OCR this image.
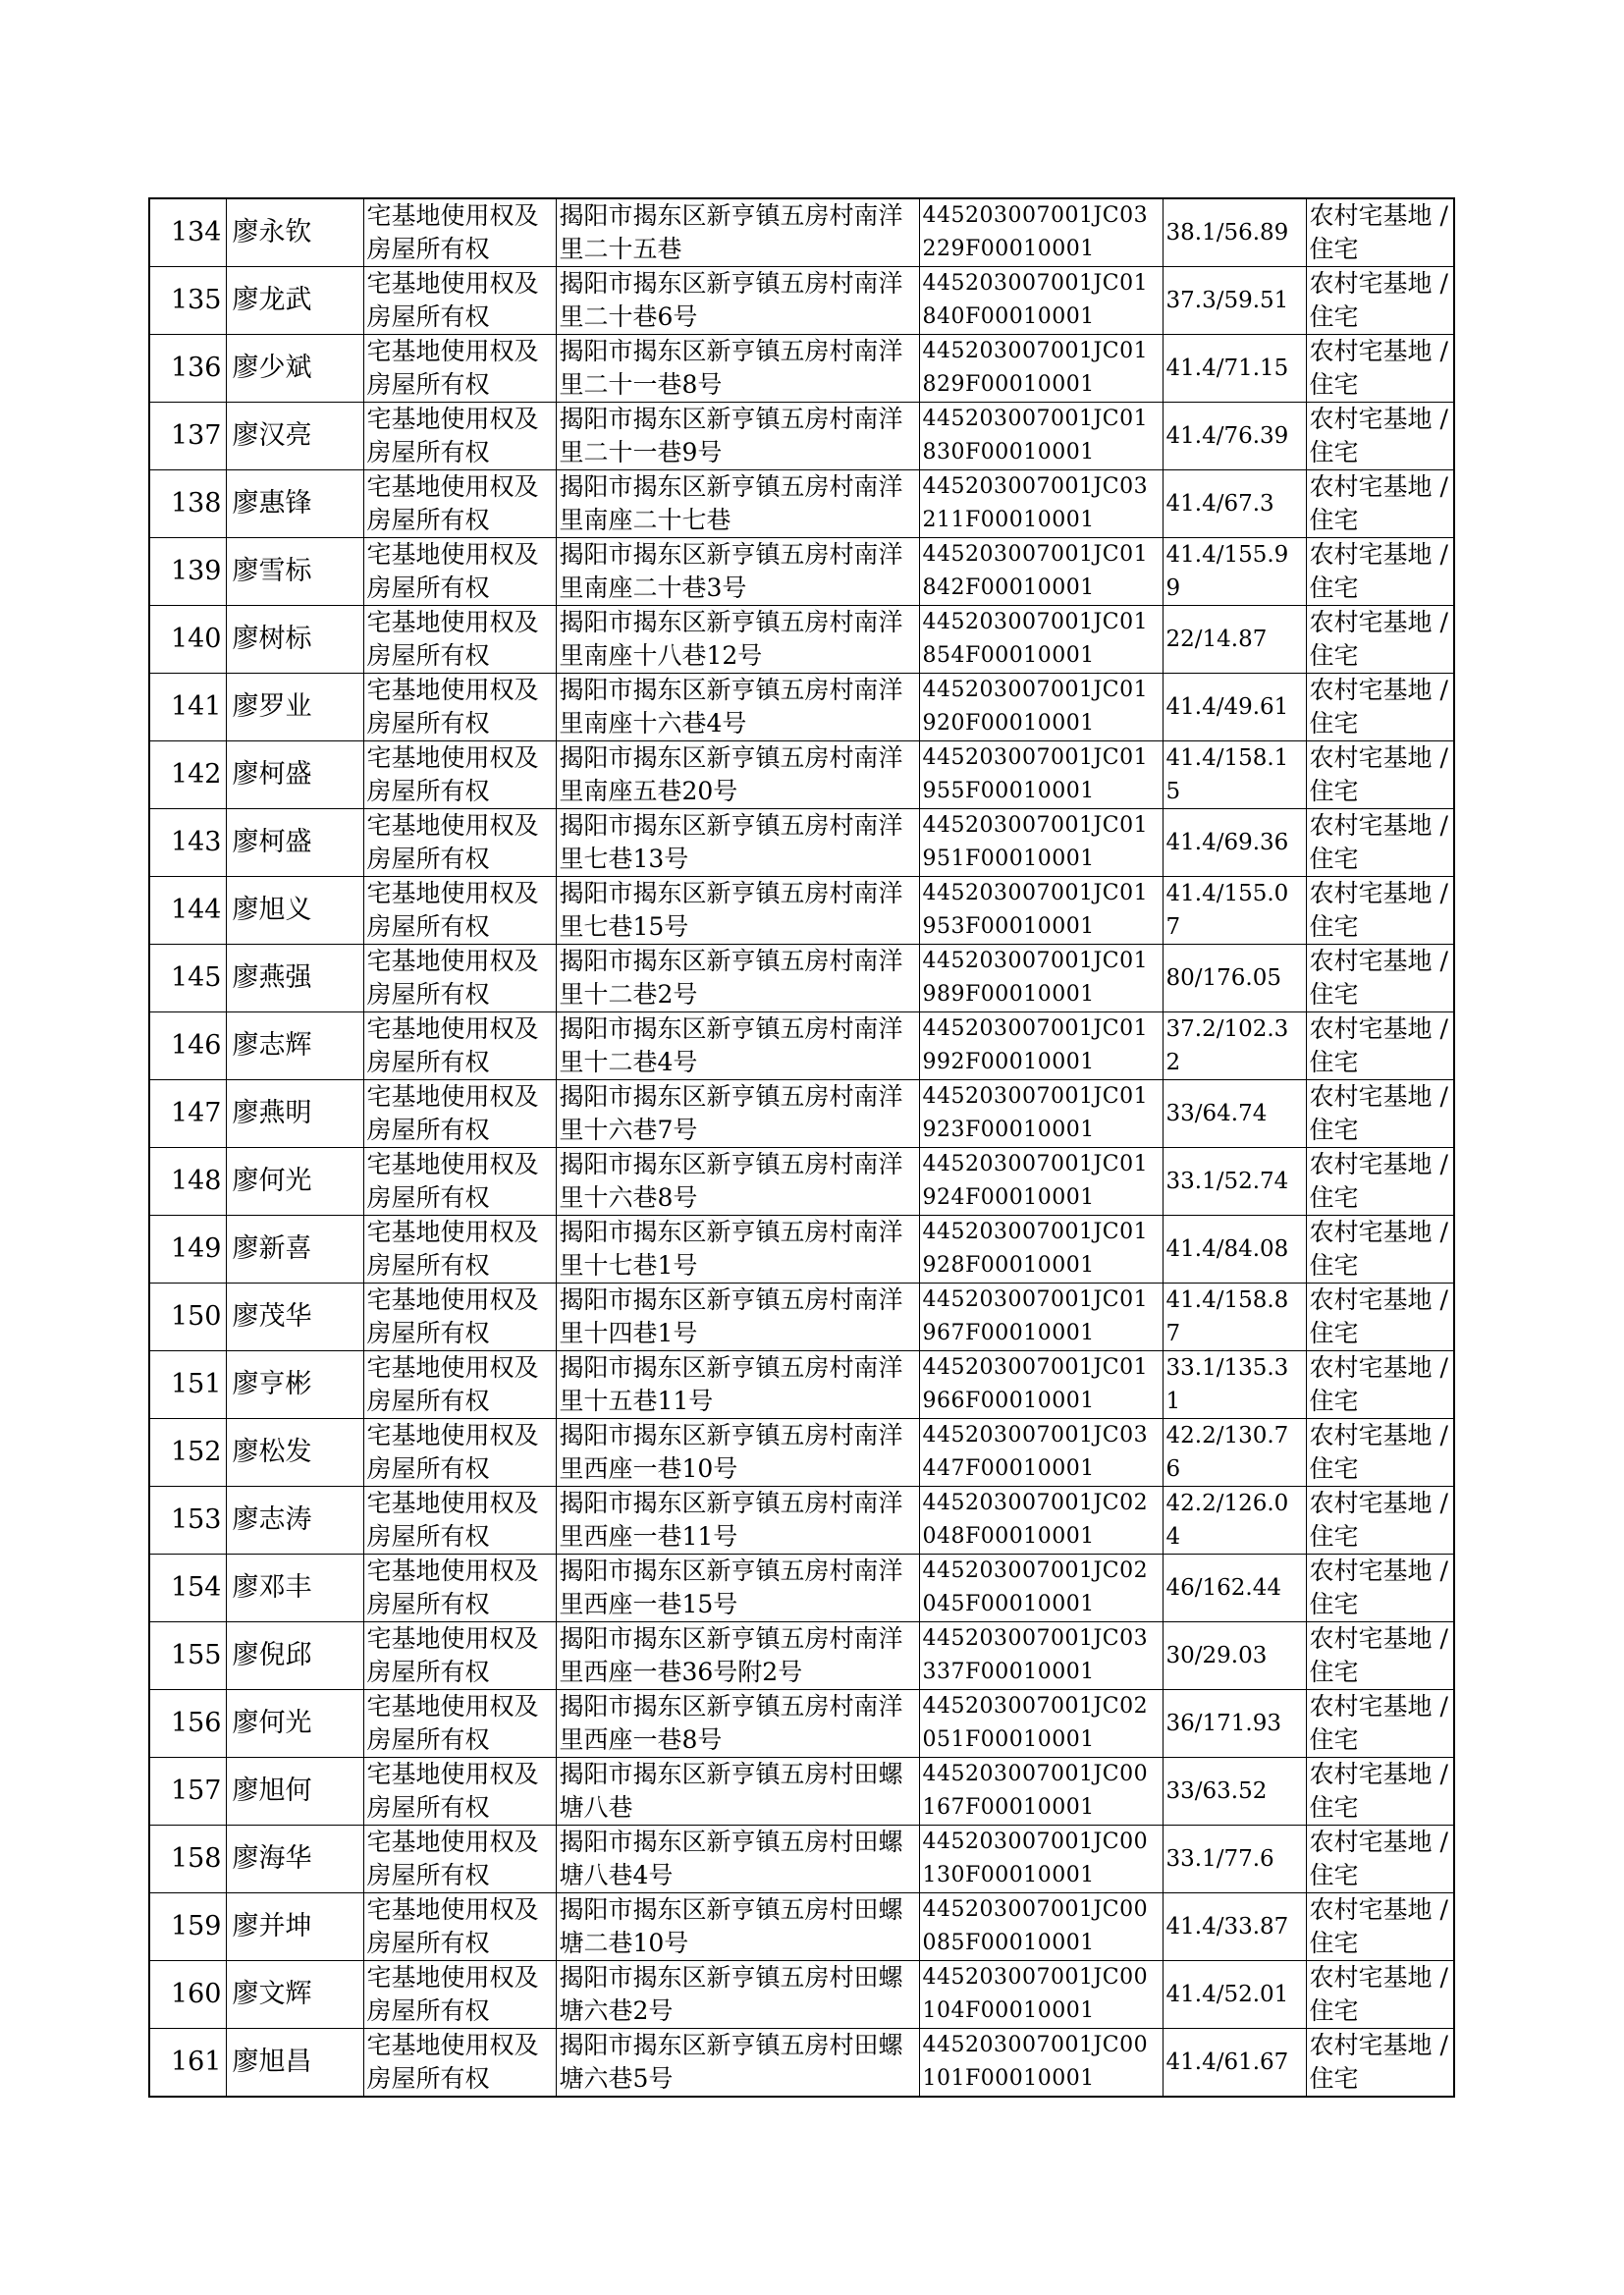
134	廖永钦	宅基地使用权及房屋所有权	揭阳市揭东区新亨镇五房村南洋里二十五巷	445203007001JC03229F00010001	38.1/56.89	农村宅基地 / 住宅
135	廖龙武	宅基地使用权及房屋所有权	揭阳市揭东区新亨镇五房村南洋里二十巷6号	445203007001JC01840F00010001	37.3/59.51	农村宅基地 / 住宅
136	廖少斌	宅基地使用权及房屋所有权	揭阳市揭东区新亨镇五房村南洋里二十一巷8号	445203007001JC01829F00010001	41.4/71.15	农村宅基地 / 住宅
137	廖汉亮	宅基地使用权及房屋所有权	揭阳市揭东区新亨镇五房村南洋里二十一巷9号	445203007001JC01830F00010001	41.4/76.39	农村宅基地 / 住宅
138	廖惠锋	宅基地使用权及房屋所有权	揭阳市揭东区新亨镇五房村南洋里南座二十七巷	445203007001JC03211F00010001	41.4/67.3	农村宅基地 / 住宅
139	廖雪标	宅基地使用权及房屋所有权	揭阳市揭东区新亨镇五房村南洋里南座二十巷3号	445203007001JC01842F00010001	41.4/155.99	农村宅基地 / 住宅
140	廖树标	宅基地使用权及房屋所有权	揭阳市揭东区新亨镇五房村南洋里南座十八巷12号	445203007001JC01854F00010001	22/14.87	农村宅基地 / 住宅
141	廖罗业	宅基地使用权及房屋所有权	揭阳市揭东区新亨镇五房村南洋里南座十六巷4号	445203007001JC01920F00010001	41.4/49.61	农村宅基地 / 住宅
142	廖柯盛	宅基地使用权及房屋所有权	揭阳市揭东区新亨镇五房村南洋里南座五巷20号	445203007001JC01955F00010001	41.4/158.15	农村宅基地 / 住宅
143	廖柯盛	宅基地使用权及房屋所有权	揭阳市揭东区新亨镇五房村南洋里七巷13号	445203007001JC01951F00010001	41.4/69.36	农村宅基地 / 住宅
144	廖旭义	宅基地使用权及房屋所有权	揭阳市揭东区新亨镇五房村南洋里七巷15号	445203007001JC01953F00010001	41.4/155.07	农村宅基地 / 住宅
145	廖燕强	宅基地使用权及房屋所有权	揭阳市揭东区新亨镇五房村南洋里十二巷2号	445203007001JC01989F00010001	80/176.05	农村宅基地 / 住宅
146	廖志辉	宅基地使用权及房屋所有权	揭阳市揭东区新亨镇五房村南洋里十二巷4号	445203007001JC01992F00010001	37.2/102.32	农村宅基地 / 住宅
147	廖燕明	宅基地使用权及房屋所有权	揭阳市揭东区新亨镇五房村南洋里十六巷7号	445203007001JC01923F00010001	33/64.74	农村宅基地 / 住宅
148	廖何光	宅基地使用权及房屋所有权	揭阳市揭东区新亨镇五房村南洋里十六巷8号	445203007001JC01924F00010001	33.1/52.74	农村宅基地 / 住宅
149	廖新喜	宅基地使用权及房屋所有权	揭阳市揭东区新亨镇五房村南洋里十七巷1号	445203007001JC01928F00010001	41.4/84.08	农村宅基地 / 住宅
150	廖茂华	宅基地使用权及房屋所有权	揭阳市揭东区新亨镇五房村南洋里十四巷1号	445203007001JC01967F00010001	41.4/158.87	农村宅基地 / 住宅
151	廖亨彬	宅基地使用权及房屋所有权	揭阳市揭东区新亨镇五房村南洋里十五巷11号	445203007001JC01966F00010001	33.1/135.31	农村宅基地 / 住宅
152	廖松发	宅基地使用权及房屋所有权	揭阳市揭东区新亨镇五房村南洋里西座一巷10号	445203007001JC03447F00010001	42.2/130.76	农村宅基地 / 住宅
153	廖志涛	宅基地使用权及房屋所有权	揭阳市揭东区新亨镇五房村南洋里西座一巷11号	445203007001JC02048F00010001	42.2/126.04	农村宅基地 / 住宅
154	廖邓丰	宅基地使用权及房屋所有权	揭阳市揭东区新亨镇五房村南洋里西座一巷15号	445203007001JC02045F00010001	46/162.44	农村宅基地 / 住宅
155	廖倪邱	宅基地使用权及房屋所有权	揭阳市揭东区新亨镇五房村南洋里西座一巷36号附2号	445203007001JC03337F00010001	30/29.03	农村宅基地 / 住宅
156	廖何光	宅基地使用权及房屋所有权	揭阳市揭东区新亨镇五房村南洋里西座一巷8号	445203007001JC02051F00010001	36/171.93	农村宅基地 / 住宅
157	廖旭何	宅基地使用权及房屋所有权	揭阳市揭东区新亨镇五房村田螺塘八巷	445203007001JC00167F00010001	33/63.52	农村宅基地 / 住宅
158	廖海华	宅基地使用权及房屋所有权	揭阳市揭东区新亨镇五房村田螺塘八巷4号	445203007001JC00130F00010001	33.1/77.6	农村宅基地 / 住宅
159	廖并坤	宅基地使用权及房屋所有权	揭阳市揭东区新亨镇五房村田螺塘二巷10号	445203007001JC00085F00010001	41.4/33.87	农村宅基地 / 住宅
160	廖文辉	宅基地使用权及房屋所有权	揭阳市揭东区新亨镇五房村田螺塘六巷2号	445203007001JC00104F00010001	41.4/52.01	农村宅基地 / 住宅
161	廖旭昌	宅基地使用权及房屋所有权	揭阳市揭东区新亨镇五房村田螺塘六巷5号	445203007001JC00101F00010001	41.4/61.67	农村宅基地 / 住宅
